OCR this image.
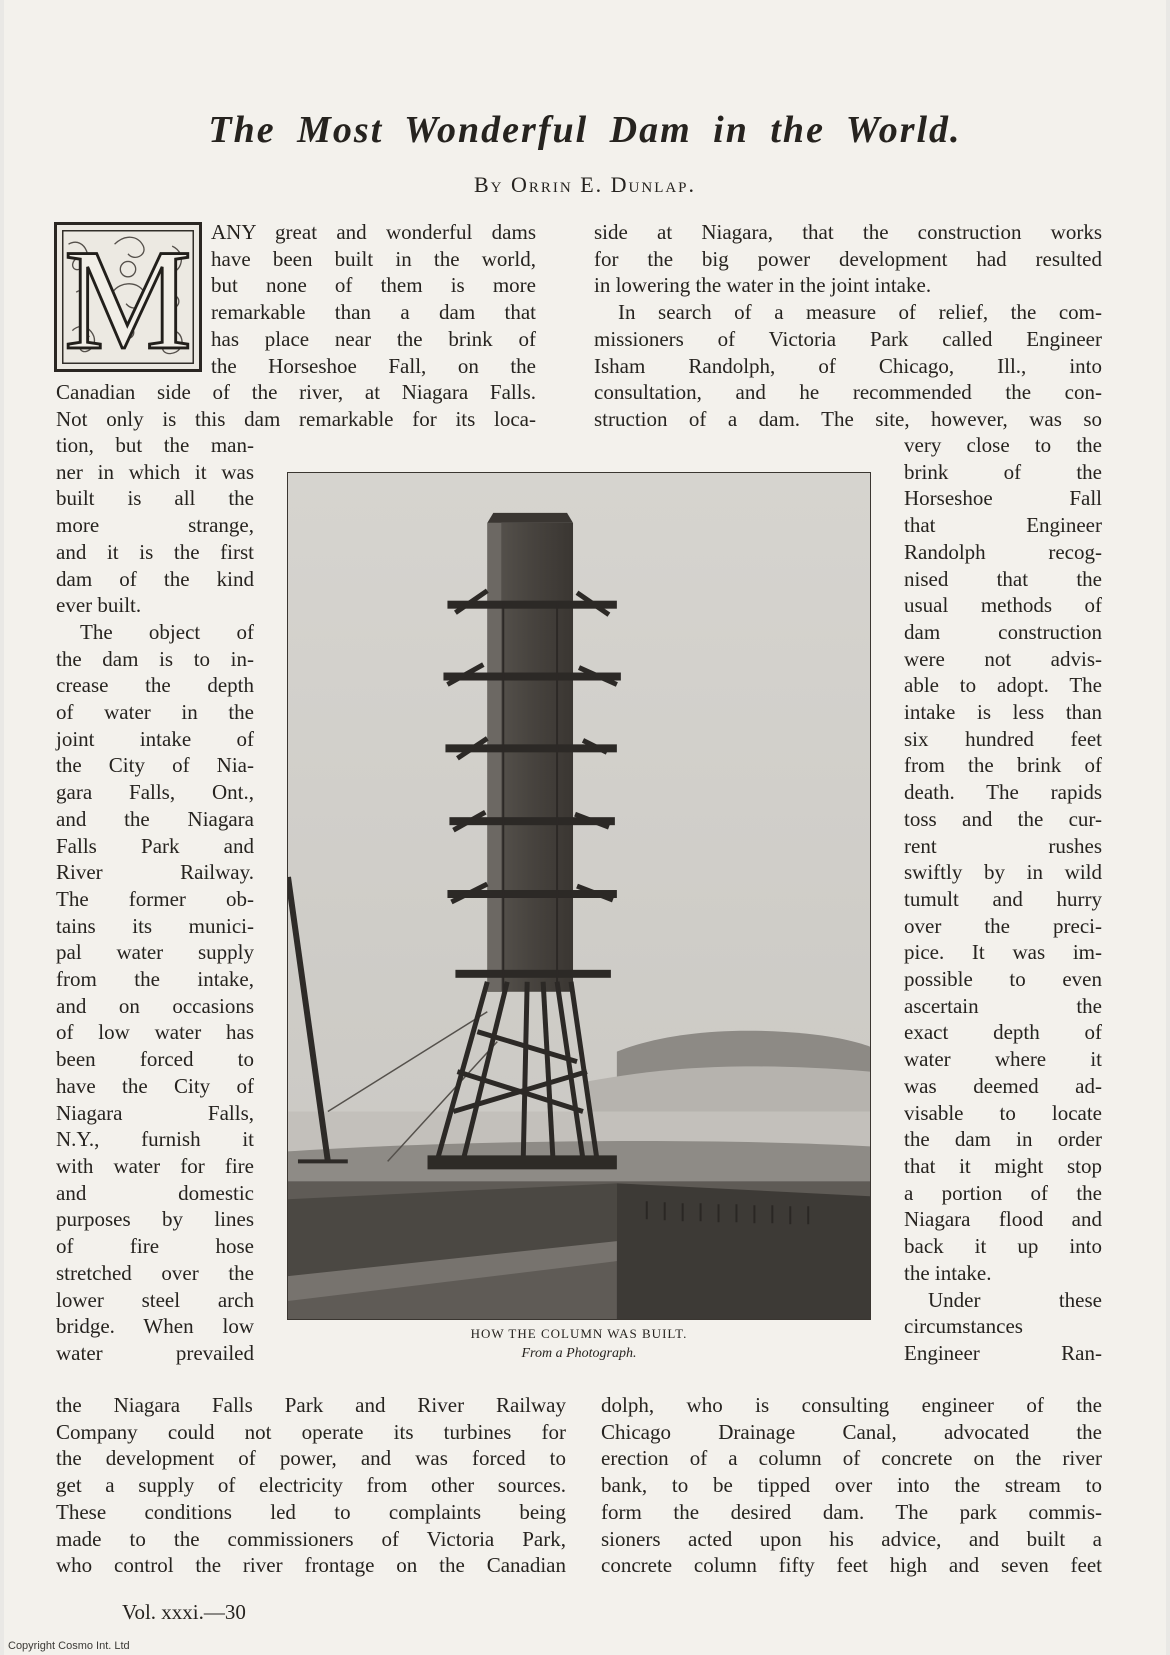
The Most Wonderful Dam in the World.

By Orrin E. Dunlap.

M ANY great and wonderful dams

have been built in the world,

but none of them is more

remarkable than a dam that

has place near the brink of

the Horseshoe Fall, on the

Canadian side of the river, at Niagara Falls.

Not only is this dam remarkable for its loca-

tion, but the man-

ner in which it was

built is all the

more strange,

and it is the first

dam of the kind

ever built.

The object of

the dam is to in-

crease the depth

of water in the

joint intake of

the City of Nia-

gara Falls, Ont.,

and the Niagara

Falls Park and

River Railway.

The former ob-

tains its munici-

pal water supply

from the intake,

and on occasions

of low water has

been forced to

have the City of

Niagara Falls,

N.Y., furnish it

with water for fire

and domestic

purposes by lines

of fire hose

stretched over the

lower steel arch

bridge. When low

water prevailed

the Niagara Falls Park and River Railway

Company could not operate its turbines for

the development of power, and was forced to

get a supply of electricity from other sources.

These conditions led to complaints being

made to the commissioners of Victoria Park,

who control the river frontage on the Canadian

side at Niagara, that the construction works

for the big power development had resulted

in lowering the water in the joint intake.

In search of a measure of relief, the com-

missioners of Victoria Park called Engineer

Isham Randolph, of Chicago, Ill., into

consultation, and he recommended the con-

struction of a dam. The site, however, was so

very close to the

brink of the

Horseshoe Fall

that Engineer

Randolph recog-

nised that the

usual methods of

dam construction

were not advis-

able to adopt. The

intake is less than

six hundred feet

from the brink of

death. The rapids

toss and the cur-

rent rushes

swiftly by in wild

tumult and hurry

over the preci-

pice. It was im-

possible to even

ascertain the

exact depth of

water where it

was deemed ad-

visable to locate

the dam in order

that it might stop

a portion of the

Niagara flood and

back it up into

the intake.

Under these

circumstances

Engineer Ran-

dolph, who is consulting engineer of the

Chicago Drainage Canal, advocated the

erection of a column of concrete on the river

bank, to be tipped over into the stream to

form the desired dam. The park commis-

sioners acted upon his advice, and built a

concrete column fifty feet high and seven feet

HOW THE COLUMN WAS BUILT.

From a Photograph.

Vol. xxxi.—30

Copyright Cosmo Int. Ltd
